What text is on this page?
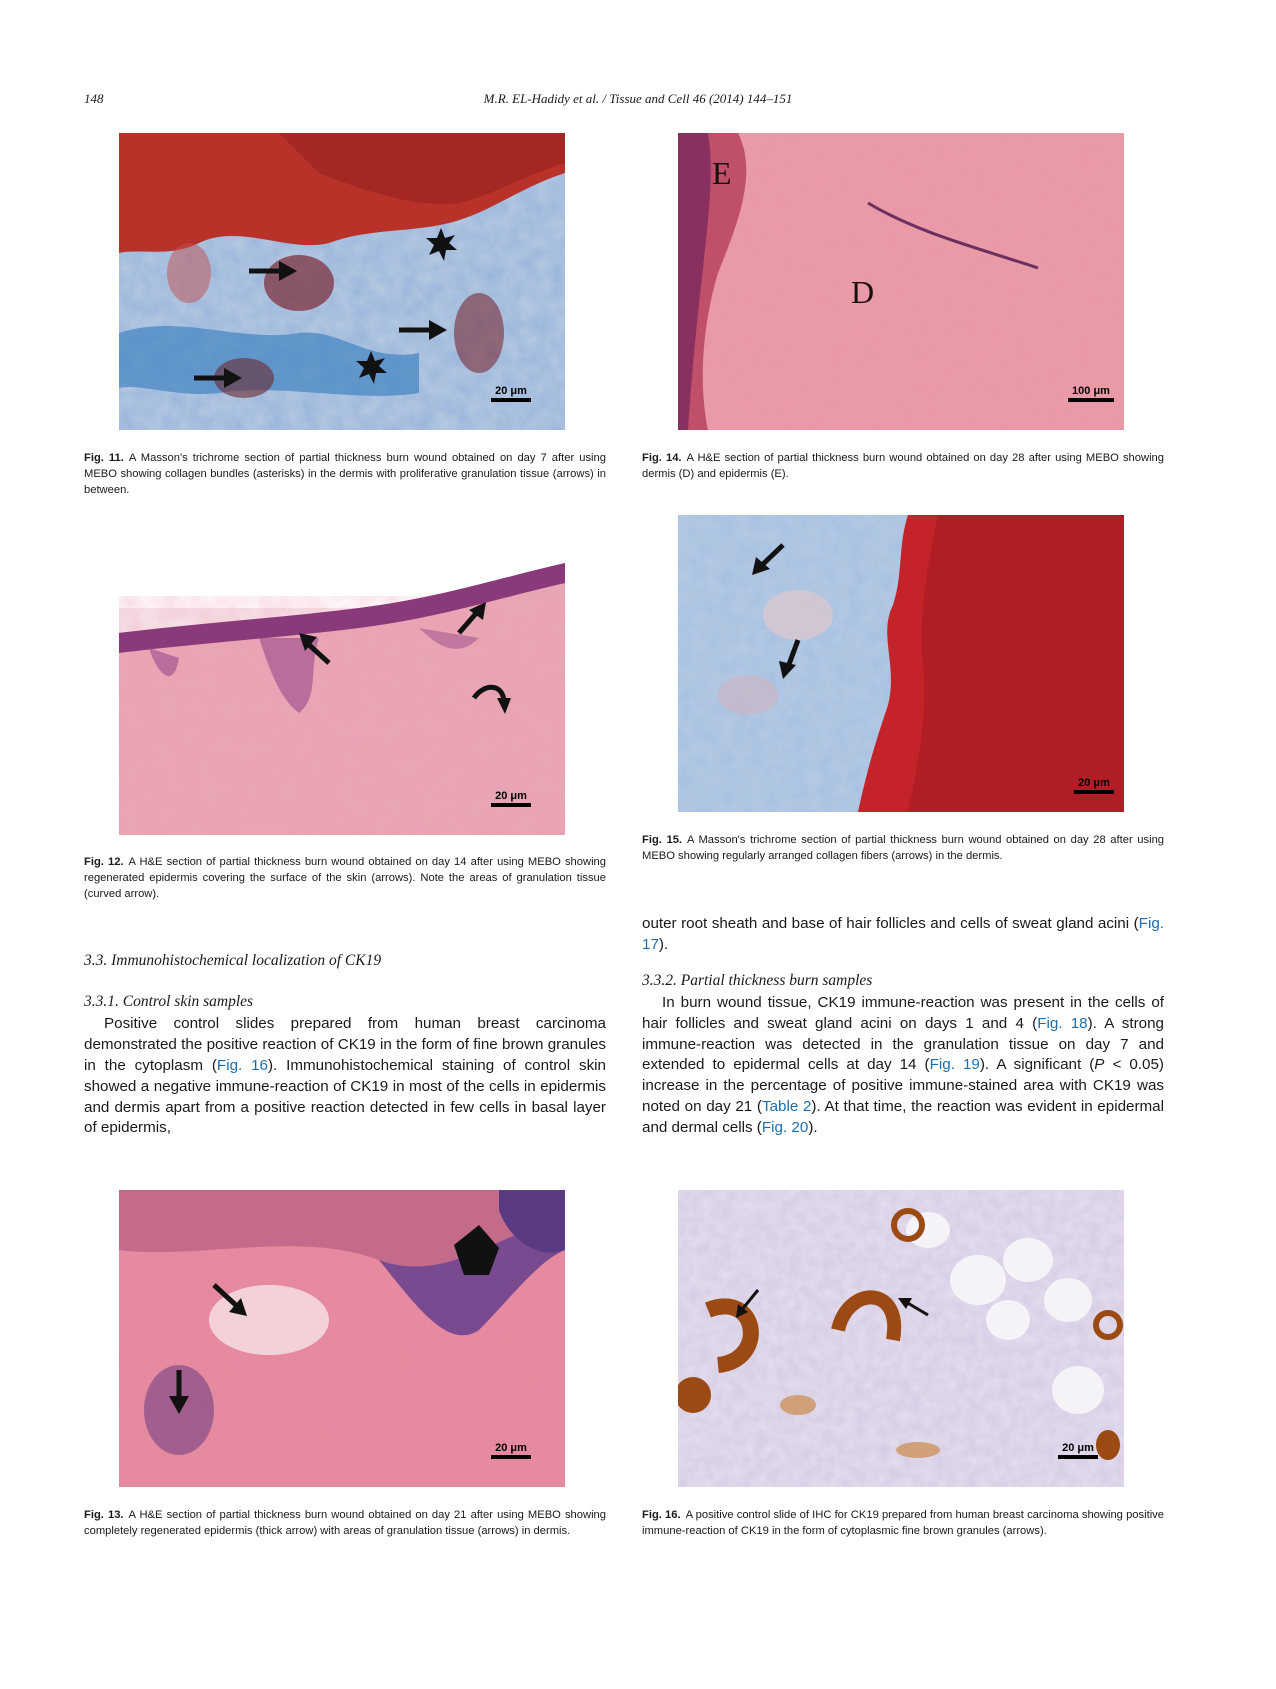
148	M.R. EL-Hadidy et al. / Tissue and Cell 46 (2014) 144–151
20 μm
Fig. 11. A Masson's trichrome section of partial thickness burn wound obtained on day 7 after using MEBO showing collagen bundles (asterisks) in the dermis with proliferative granulation tissue (arrows) in between.
20 μm
Fig. 12. A H&E section of partial thickness burn wound obtained on day 14 after using MEBO showing regenerated epidermis covering the surface of the skin (arrows). Note the areas of granulation tissue (curved arrow).
3.3. Immunohistochemical localization of CK19
3.3.1. Control skin samples

Positive control slides prepared from human breast carcinoma demonstrated the positive reaction of CK19 in the form of fine brown granules in the cytoplasm (Fig. 16). Immunohistochemical staining of control skin showed a negative immune-reaction of CK19 in most of the cells in epidermis and dermis apart from a positive reaction detected in few cells in basal layer of epidermis,

20 μm
Fig. 13. A H&E section of partial thickness burn wound obtained on day 21 after using MEBO showing completely regenerated epidermis (thick arrow) with areas of granulation tissue (arrows) in dermis.
E
D
100 μm
Fig. 14. A H&E section of partial thickness burn wound obtained on day 28 after using MEBO showing dermis (D) and epidermis (E).
20 μm
Fig. 15. A Masson's trichrome section of partial thickness burn wound obtained on day 28 after using MEBO showing regularly arranged collagen fibers (arrows) in the dermis.

outer root sheath and base of hair follicles and cells of sweat gland acini (Fig. 17).

3.3.2. Partial thickness burn samples

In burn wound tissue, CK19 immune-reaction was present in the cells of hair follicles and sweat gland acini on days 1 and 4 (Fig. 18). A strong immune-reaction was detected in the granulation tissue on day 7 and extended to epidermal cells at day 14 (Fig. 19). A significant (P < 0.05) increase in the percentage of positive immune-stained area with CK19 was noted on day 21 (Table 2). At that time, the reaction was evident in epidermal and dermal cells (Fig. 20).

20 μm
Fig. 16. A positive control slide of IHC for CK19 prepared from human breast carcinoma showing positive immune-reaction of CK19 in the form of cytoplasmic fine brown granules (arrows).
